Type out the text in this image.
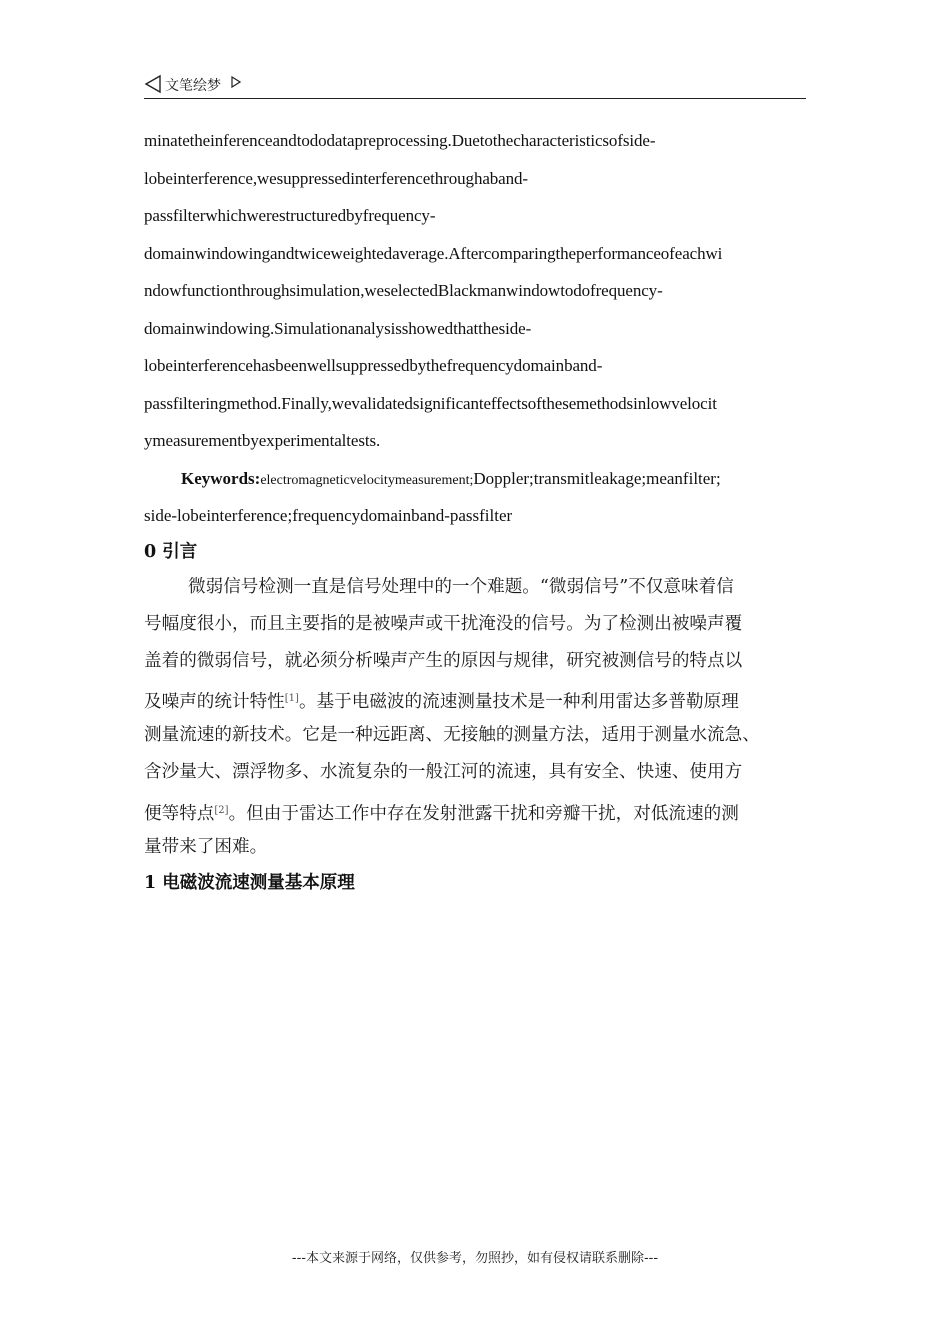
文笔绘梦
minatetheinferenceandtododatapreprocessing.Duetothecharacteristicsofside-
lobeinterference,wesuppressedinterferencethroughaband-
passfilterwhichwerestructuredbyfrequency-
domainwindowingandtwiceweightedaverage.Aftercomparingtheperformanceofeachwi
ndowfunctionthroughsimulation,weselectedBlackmanwindowtodofrequency-
domainwindowing.Simulationanalysisshowedthattheside-
lobeinterferencehasbeenwellsuppressedbythefrequencydomainband-
passfilteringmethod.Finally,wevalidatedsignificanteffectsofthesemethodsinlowvelocit
ymeasurementbyexperimentaltests.
Keywords:electromagneticvelocitymeasurement;Doppler;transmitleakage;meanfilter;
side-lobeinterference;frequencydomainband-passfilter
0 引言
微弱信号检测一直是信号处理中的一个难题。“微弱信号”不仅意味着信
号幅度很小，而且主要指的是被噪声或干扰淹没的信号。为了检测出被噪声覆
盖着的微弱信号，就必须分析噪声产生的原因与规律，研究被测信号的特点以
及噪声的统计特性[1]。基于电磁波的流速测量技术是一种利用雷达多普勒原理
测量流速的新技术。它是一种远距离、无接触的测量方法，适用于测量水流急、
含沙量大、漂浮物多、水流复杂的一般江河的流速，具有安全、快速、使用方
便等特点[2]。但由于雷达工作中存在发射泄露干扰和旁瓣干扰，对低流速的测
量带来了困难。
1 电磁波流速测量基本原理
---本文来源于网络，仅供参考，勿照抄，如有侵权请联系删除---
